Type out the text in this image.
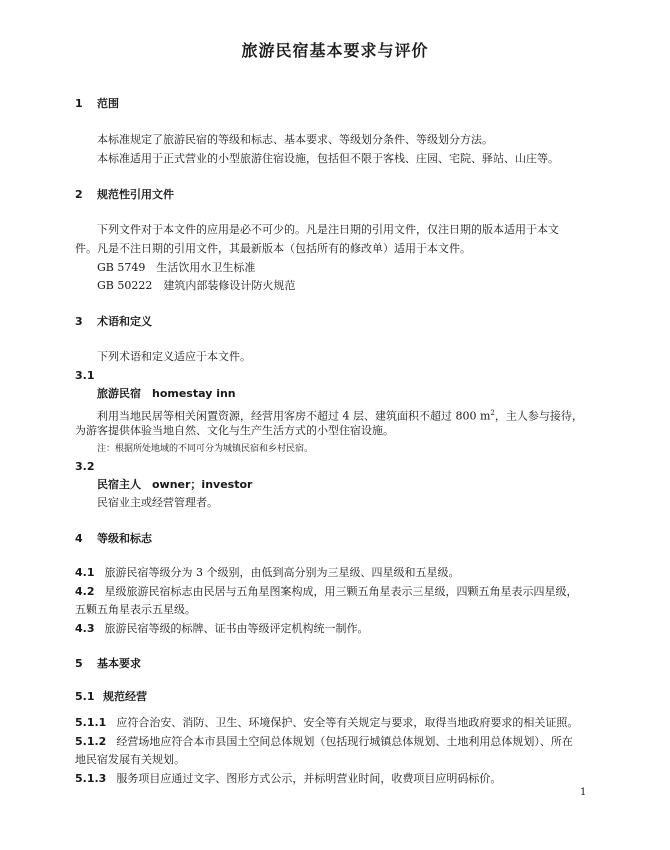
旅游民宿基本要求与评价
1 范围
本标准规定了旅游民宿的等级和标志、基本要求、等级划分条件、等级划分方法。
本标准适用于正式营业的小型旅游住宿设施，包括但不限于客栈、庄园、宅院、驿站、山庄等。
2 规范性引用文件
下列文件对于本文件的应用是必不可少的。凡是注日期的引用文件，仅注日期的版本适用于本文
件。凡是不注日期的引用文件，其最新版本（包括所有的修改单）适用于本文件。
GB 5749　生活饮用水卫生标准
GB 50222　建筑内部装修设计防火规范
3 术语和定义
下列术语和定义适应于本文件。
3.1
旅游民宿　homestay inn
利用当地民居等相关闲置资源，经营用客房不超过 4 层、建筑面积不超过 800 $m^2$，主人参与接待，
为游客提供体验当地自然、文化与生产生活方式的小型住宿设施。
注：根据所处地域的不同可分为城镇民宿和乡村民宿。
3.2
民宿主人　owner；investor
民宿业主或经营管理者。
4 等级和标志
4.1 旅游民宿等级分为 3 个级别，由低到高分别为三星级、四星级和五星级。
4.2 星级旅游民宿标志由民居与五角星图案构成，用三颗五角星表示三星级，四颗五角星表示四星级，
五颗五角星表示五星级。
4.3 旅游民宿等级的标牌、证书由等级评定机构统一制作。
5 基本要求
5.1 规范经营
5.1.1 应符合治安、消防、卫生、环境保护、安全等有关规定与要求，取得当地政府要求的相关证照。
5.1.2 经营场地应符合本市县国土空间总体规划（包括现行城镇总体规划、土地利用总体规划）、所在
地民宿发展有关规划。
5.1.3 服务项目应通过文字、图形方式公示，并标明营业时间，收费项目应明码标价。
1
